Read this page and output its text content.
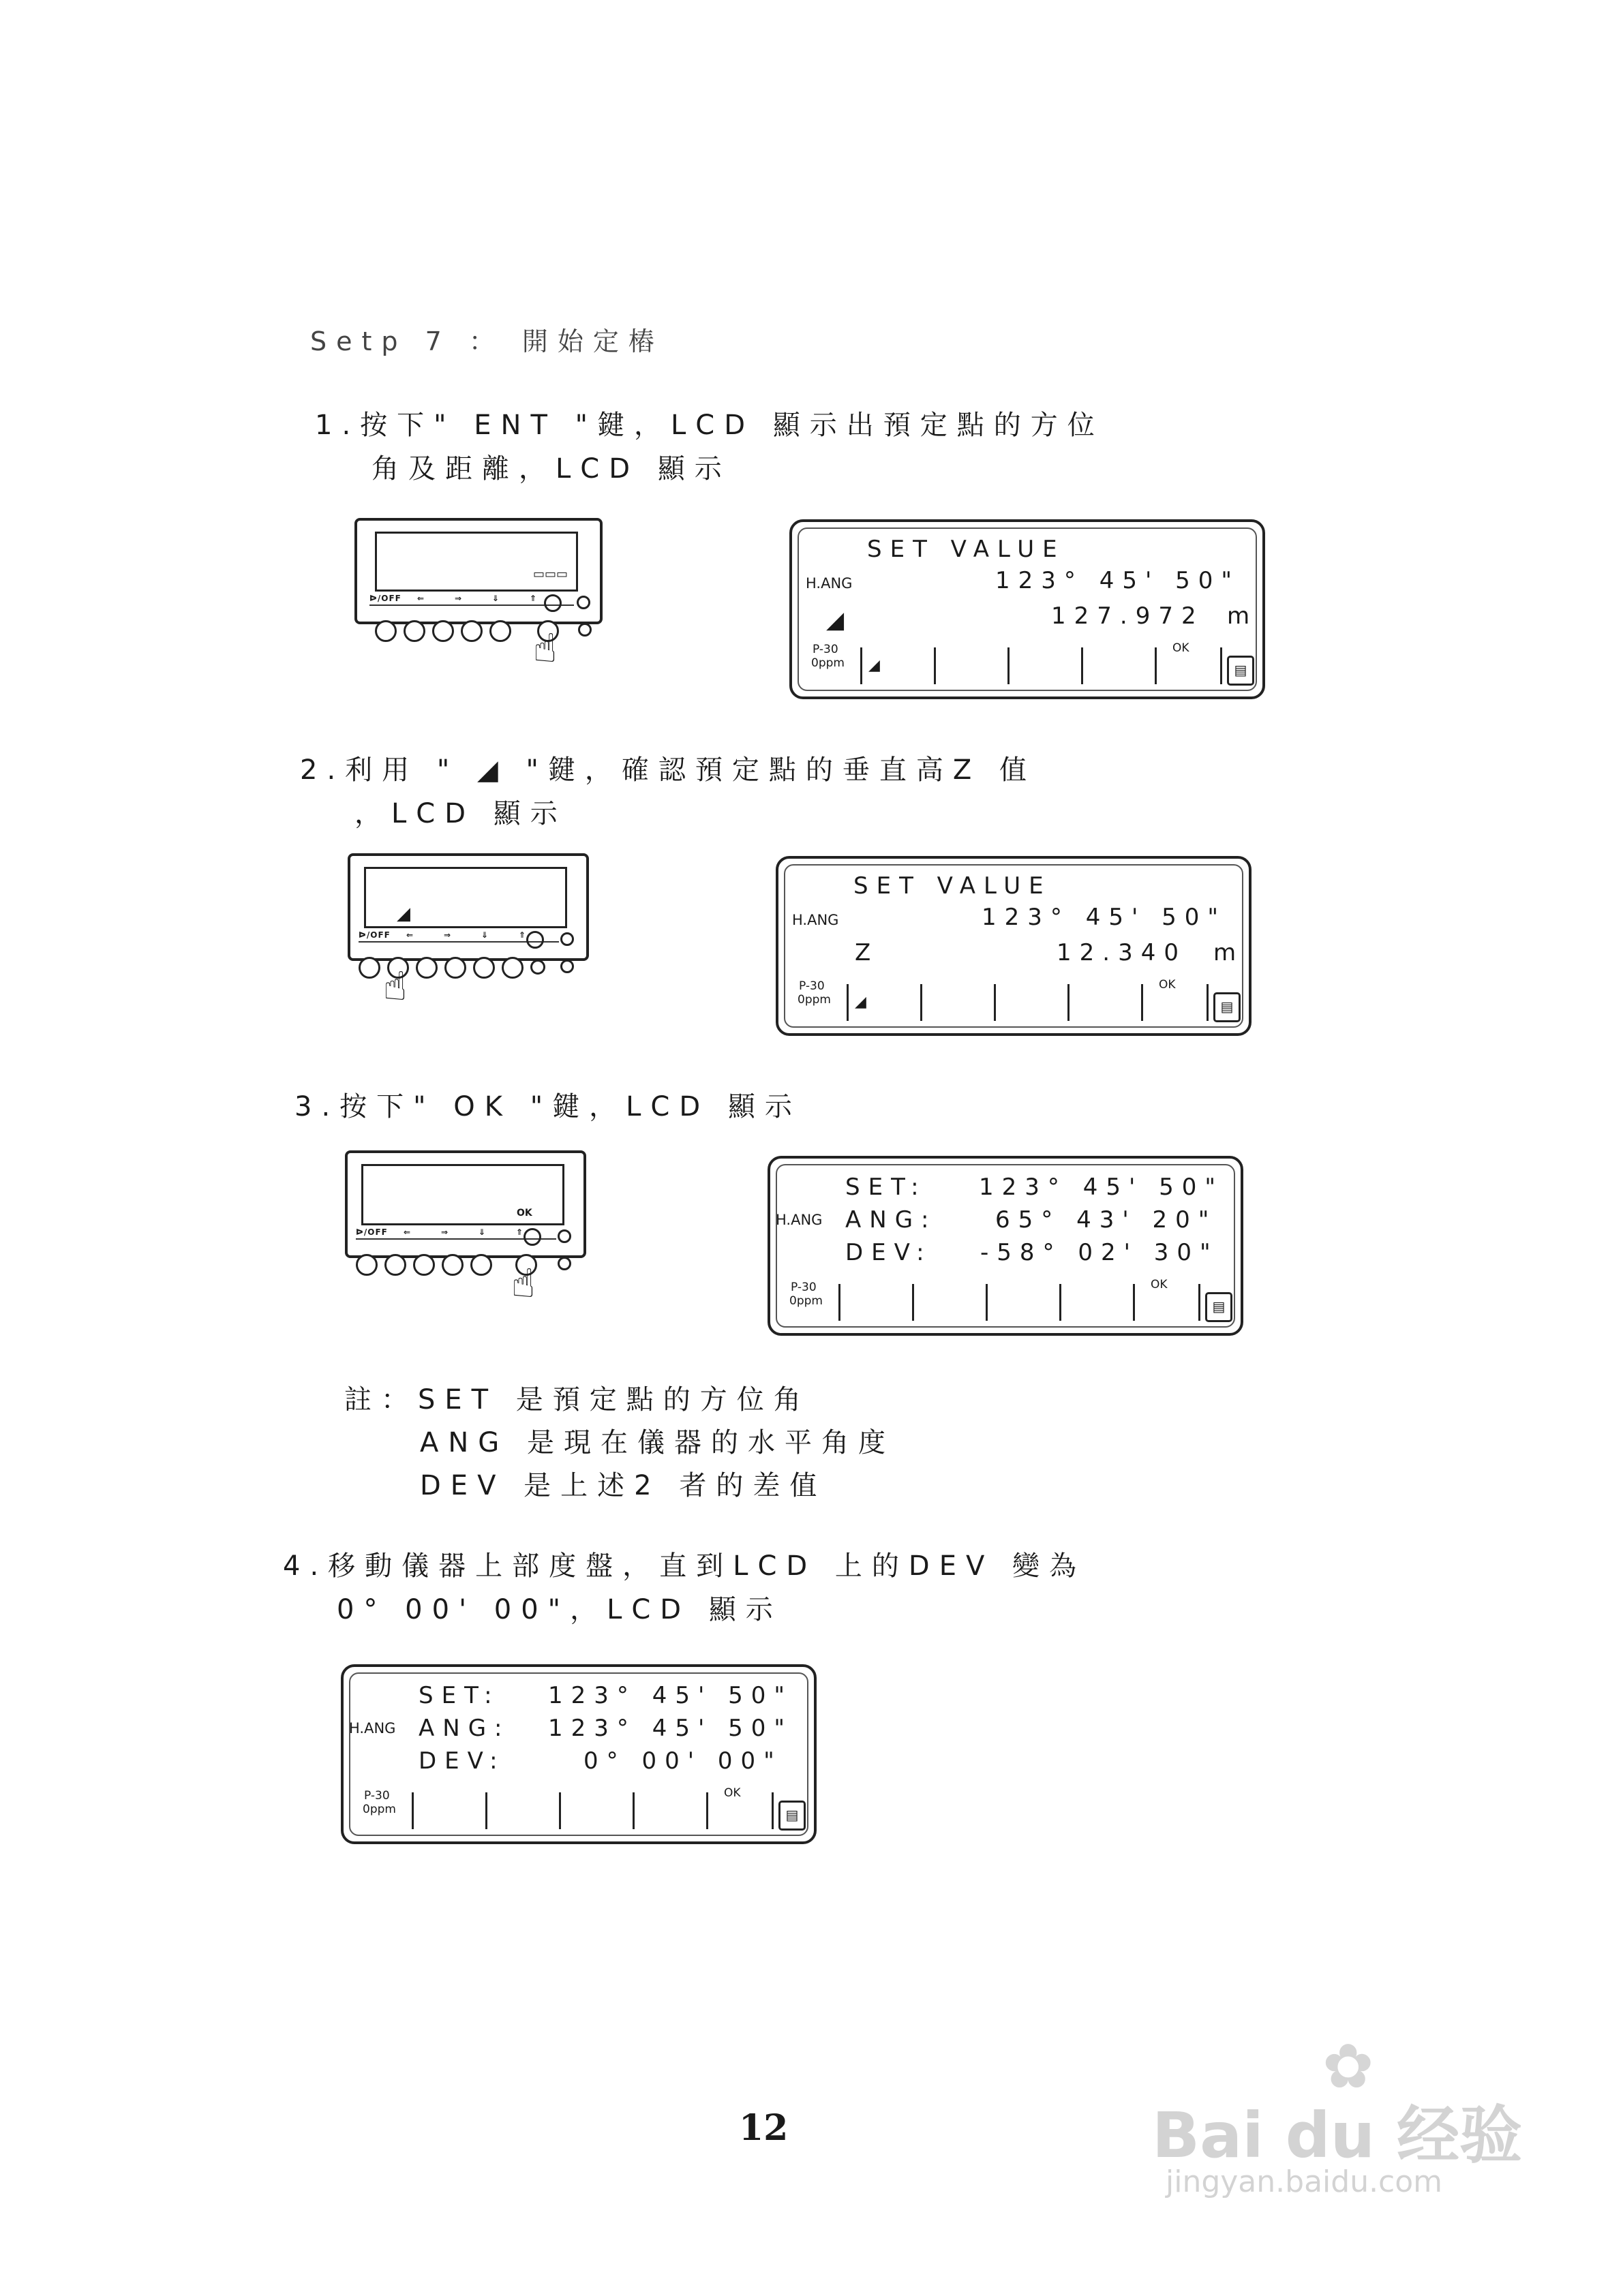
Setp 7 ： 開始定樁
1.按下" ENT "鍵，LCD 顯示出預定點的方位
角及距離，LCD 顯示
▭▭▭
ᐅ/OFF ⇐	⇒	⇓	⇑
☝
SET VALUE
H.ANG	123° 45' 50"
◢	127.972 m
P-30
0ppm ◢
OK
▤
2.利用 " ◢ "鍵，確認預定點的垂直高Z 值
，LCD 顯示
◢
ᐅ/OFF ⇐	⇒	⇓	⇑
☝
SET VALUE
H.ANG	123° 45' 50"
Z	12.340 m
P-30
0ppm ◢
OK
▤
3.按下" OK "鍵，LCD 顯示
OK
ᐅ/OFF ⇐	⇒	⇓	⇑
☝
SET: 123° 45' 50"
H.ANG ANG:	65° 43' 20"
DEV: -58° 02' 30"
P-30
0ppm
OK
▤
註：SET 是預定點的方位角
ANG 是現在儀器的水平角度
DEV 是上述2 者的差值
4.移動儀器上部度盤，直到LCD 上的DEV 變為
0° 00' 00"，LCD 顯示
SET: 123° 45' 50"
H.ANG ANG: 123° 45' 50"
DEV:	0° 00' 00"
P-30
0ppm
OK
▤
12
✿
Bai du 经验
jingyan.baidu.com
